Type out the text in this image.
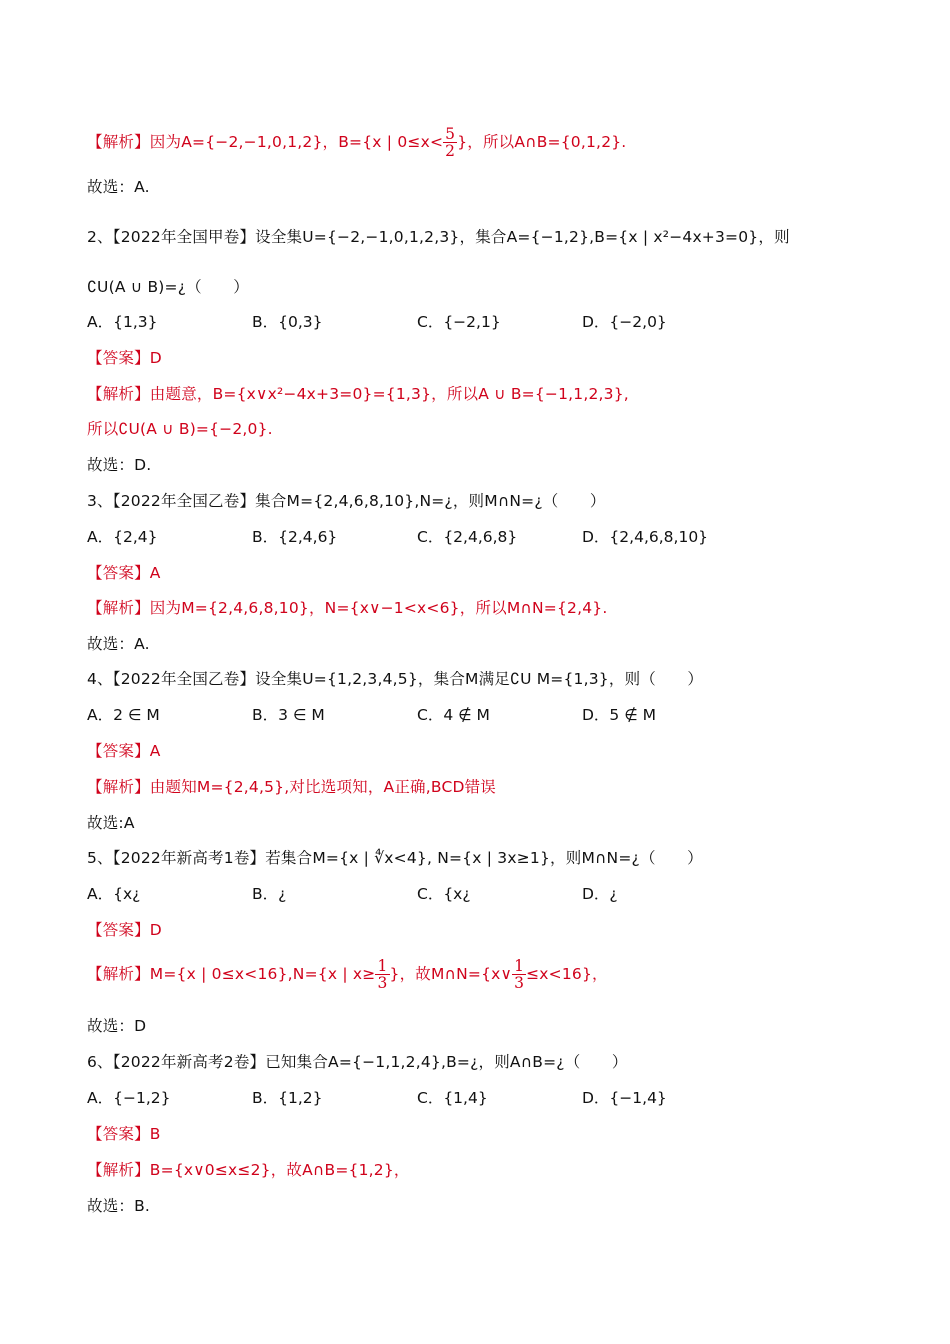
【解析】因为A={−2,−1,0,1,2}，B={x | $0\le x< \frac{5}{2}$ }，所以A∩B={0,1,2}.
故选：A.
2、【2022年全国甲卷】设全集U={−2,−1,0,1,2,3}，集合A={−1,2},B={x | x²−4x+3=0}，则
∁U(A ∪ B)=¿（　　）
A．{1,3}	B．{0,3}	C．{−2,1}	D．{−2,0}
【答案】D
【解析】由题意，B={x∨x²−4x+3=0}={1,3}，所以A ∪ B={−1,1,2,3},
所以∁U(A ∪ B)={−2,0}.
故选：D.
3、【2022年全国乙卷】集合M={2,4,6,8,10},N=¿，则M∩N=¿（　　）
A．{2,4}	B．{2,4,6}	C．{2,4,6,8}	D．{2,4,6,8,10}
【答案】A
【解析】因为M={2,4,6,8,10}，N={x∨−1<x<6}，所以M∩N={2,4}.
故选：A.
4、【2022年全国乙卷】设全集U={1,2,3,4,5}，集合M满足∁U M={1,3}，则（　　）
A．2 ∈ M	B．3 ∈ M	C．4 ∉ M	D．5 ∉ M
【答案】A
【解析】由题知M={2,4,5},对比选项知，A正确,BCD错误
故选:A
5、【2022年新高考1卷】若集合M={x | ∜x<4}, N={x | 3x≥1}，则M∩N=¿（　　）
A．{x¿	B．¿	C．{x¿	D．¿
【答案】D
【解析】M={x | 0≤x<16},N={x | $x\ge \frac{1}{3}$ }，故M∩N={x∨ $\frac{1}{3} \le x<16$}，
故选：D
6、【2022年新高考2卷】已知集合A={−1,1,2,4},B=¿，则A∩B=¿（　　）
A．{−1,2}	B．{1,2}	C．{1,4}	D．{−1,4}
【答案】B
【解析】B={x∨0≤x≤2}，故A∩B={1,2}，
故选：B.
